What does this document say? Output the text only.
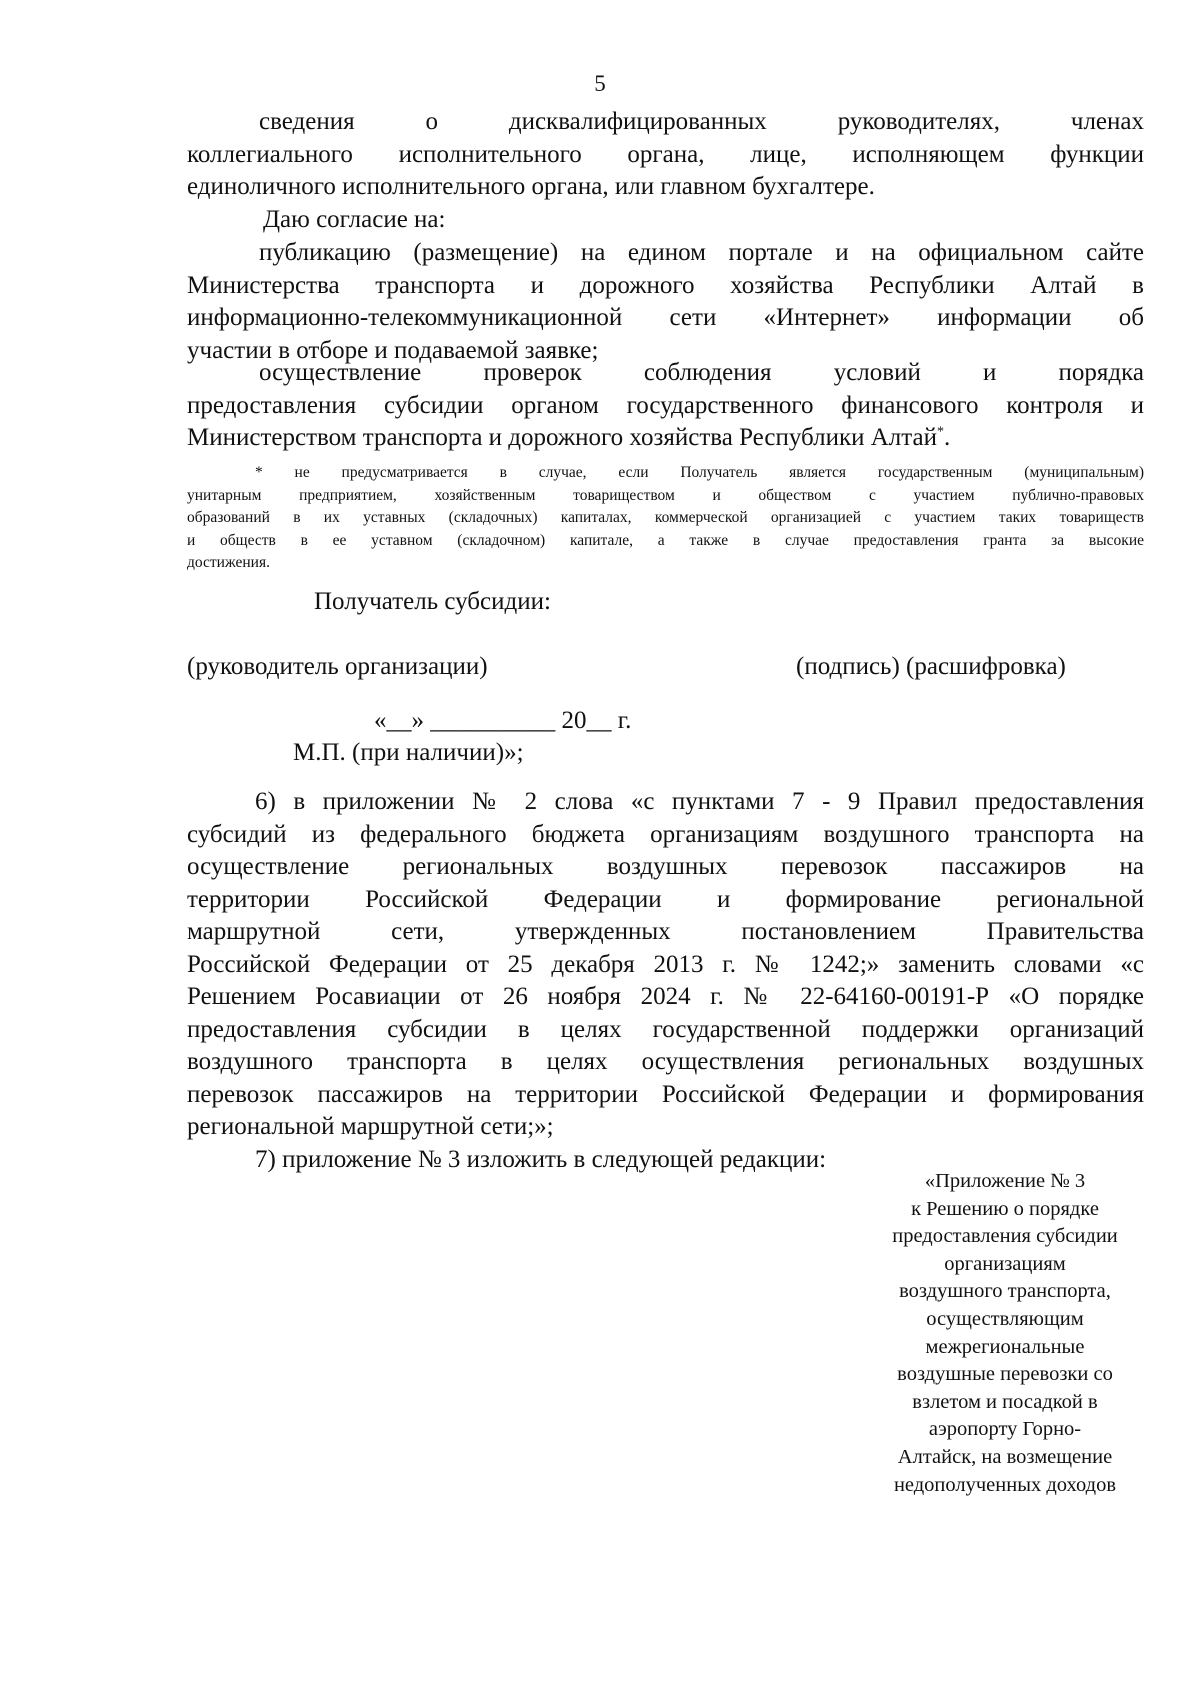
5

сведения о дисквалифицированных руководителях, членах

коллегиального исполнительного органа, лице, исполняющем функции

единоличного исполнительного органа, или главном бухгалтере.

Даю согласие на:

публикацию (размещение) на едином портале и на официальном сайте

Министерства транспорта и дорожного хозяйства Республики Алтай в

информационно-телекоммуникационной сети «Интернет» информации об

участии в отборе и подаваемой заявке;

осуществление проверок соблюдения условий и порядка

предоставления субсидии органом государственного финансового контроля и

Министерством транспорта и дорожного хозяйства Республики Алтай*.

* не предусматривается в случае, если Получатель является государственным (муниципальным)

унитарным предприятием, хозяйственным товариществом и обществом с участием публично-правовых

образований в их уставных (складочных) капиталах, коммерческой организацией с участием таких товариществ

и обществ в ее уставном (складочном) капитале, а также в случае предоставления гранта за высокие

достижения.

Получатель субсидии:
(руководитель организации)	(подпись) (расшифровка)
«__» __________ 20__ г.
М.П. (при наличии)»;

6) в приложении № 2 слова «с пунктами 7 - 9 Правил предоставления

субсидий из федерального бюджета организациям воздушного транспорта на

осуществление региональных воздушных перевозок пассажиров на

территории Российской Федерации и формирование региональной

маршрутной сети, утвержденных постановлением Правительства

Российской Федерации от 25 декабря 2013 г. № 1242;» заменить словами «с

Решением Росавиации от 26 ноября 2024 г. № 22-64160-00191-Р «О порядке

предоставления субсидии в целях государственной поддержки организаций

воздушного транспорта в целях осуществления региональных воздушных

перевозок пассажиров на территории Российской Федерации и формирования

региональной маршрутной сети;»;

7) приложение № 3 изложить в следующей редакции:

«Приложение № 3
к Решению о порядке
предоставления субсидии
организациям
воздушного транспорта,
осуществляющим
межрегиональные
воздушные перевозки со
взлетом и посадкой в
аэропорту Горно-
Алтайск, на возмещение
недополученных доходов
